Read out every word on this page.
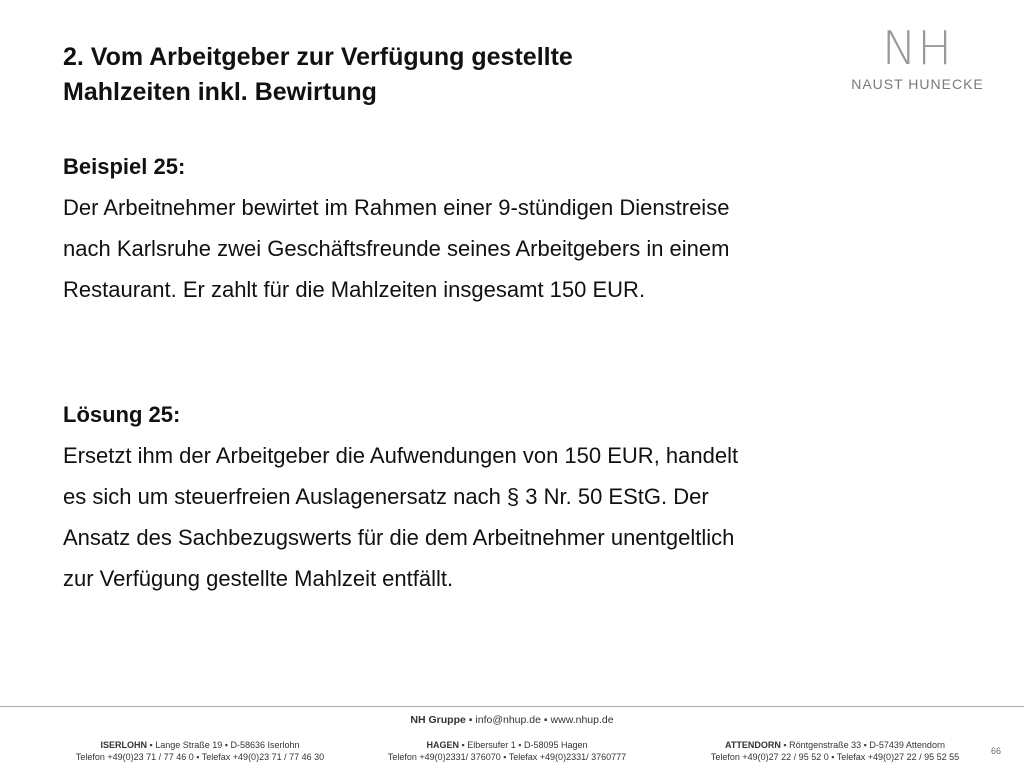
2. Vom Arbeitgeber zur Verfügung gestellte
Mahlzeiten inkl. Bewirtung
NH
NAUST HUNECKE
Beispiel 25:
Der Arbeitnehmer bewirtet im Rahmen einer 9-stündigen Dienstreise
nach Karlsruhe zwei Geschäftsfreunde seines Arbeitgebers in einem
Restaurant. Er zahlt für die Mahlzeiten insgesamt 150 EUR.
Lösung 25:
Ersetzt ihm der Arbeitgeber die Aufwendungen von 150 EUR, handelt
es sich um steuerfreien Auslagenersatz nach § 3 Nr. 50 EStG. Der
Ansatz des Sachbezugswerts für die dem Arbeitnehmer unentgeltlich
zur Verfügung gestellte Mahlzeit entfällt.
NH Gruppe ▪ info@nhup.de ▪ www.nhup.de
ISERLOHN ▪ Lange Straße 19 ▪ D-58636 Iserlohn
Telefon +49(0)23 71 / 77 46 0 ▪ Telefax +49(0)23 71 / 77 46 30
HAGEN ▪ Elbersufer 1 ▪ D-58095 Hagen
Telefon +49(0)2331/ 376070 ▪ Telefax +49(0)2331/ 3760777
ATTENDORN ▪ Röntgenstraße 33 ▪ D-57439 Attendorn
Telefon +49(0)27 22 / 95 52 0 ▪ Telefax +49(0)27 22 / 95 52 55
66
